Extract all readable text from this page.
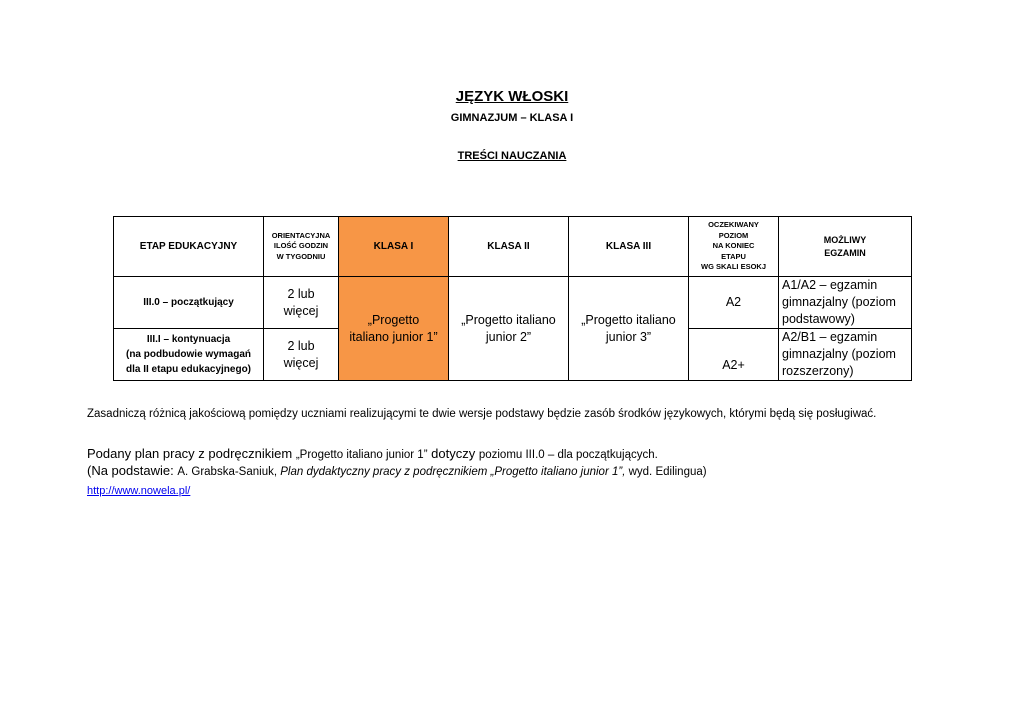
JĘZYK WŁOSKI
GIMNAZJUM – KLASA I
TREŚCI NAUCZANIA
ETAP EDUKACYJNY	ORIENTACYJNA
ILOŚĆ GODZIN
W TYGODNIU	KLASA I	KLASA II	KLASA III	OCZEKIWANY
POZIOM
NA KONIEC
ETAPU
WG SKALI ESOKJ	MOŻLIWY
EGZAMIN
III.0 – początkujący	2 lub
więcej	„Progetto
italiano junior 1”	„Progetto italiano
junior 2”	„Progetto italiano
junior 3”	A2	A1/A2 – egzamin
gimnazjalny (poziom
podstawowy)
III.I – kontynuacja
(na podbudowie wymagań
dla II etapu edukacyjnego)	2 lub
więcej				A2+	A2/B1 – egzamin
gimnazjalny (poziom
rozszerzony)
Zasadniczą różnicą jakościową pomiędzy uczniami realizującymi te dwie wersje podstawy będzie zasób środków językowych, którymi będą się posługiwać.
Podany plan pracy z podręcznikiem „Progetto italiano junior 1” dotyczy poziomu III.0 – dla początkujących.
(Na podstawie: A. Grabska-Saniuk, Plan dydaktyczny pracy z podręcznikiem „Progetto italiano junior 1”, wyd. Edilingua)
http://www.nowela.pl/
